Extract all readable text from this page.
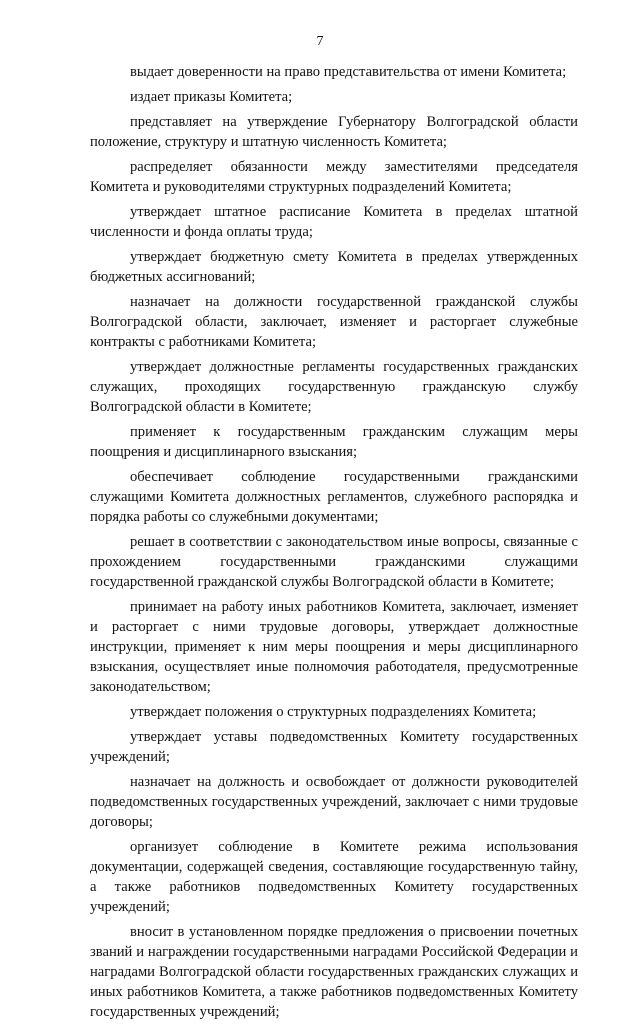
7

выдает доверенности на право представительства от имени Комитета;

издает приказы Комитета;

представляет на утверждение Губернатору Волгоградской области положение, структуру и штатную численность Комитета;

распределяет обязанности между заместителями председателя Комитета и руководителями структурных подразделений Комитета;

утверждает штатное расписание Комитета в пределах штатной численности и фонда оплаты труда;

утверждает бюджетную смету Комитета в пределах утвержденных бюджетных ассигнований;

назначает на должности государственной гражданской службы Волгоградской области, заключает, изменяет и расторгает служебные контракты с работниками Комитета;

утверждает должностные регламенты государственных гражданских служащих, проходящих государственную гражданскую службу Волгоградской области в Комитете;

применяет к государственным гражданским служащим меры поощрения и дисциплинарного взыскания;

обеспечивает соблюдение государственными гражданскими служащими Комитета должностных регламентов, служебного распорядка и порядка работы со служебными документами;

решает в соответствии с законодательством иные вопросы, связанные с прохождением государственными гражданскими служащими государственной гражданской службы Волгоградской области в Комитете;

принимает на работу иных работников Комитета, заключает, изменяет и расторгает с ними трудовые договоры, утверждает должностные инструкции, применяет к ним меры поощрения и меры дисциплинарного взыскания, осуществляет иные полномочия работодателя, предусмотренные законодательством;

утверждает положения о структурных подразделениях Комитета;

утверждает уставы подведомственных Комитету государственных учреждений;

назначает на должность и освобождает от должности руководителей подведомственных государственных учреждений, заключает с ними трудовые договоры;

организует соблюдение в Комитете режима использования документации, содержащей сведения, составляющие государственную тайну, а также работников подведомственных Комитету государственных учреждений;

вносит в установленном порядке предложения о присвоении почетных званий и награждении государственными наградами Российской Федерации и наградами Волгоградской области государственных гражданских служащих и иных работников Комитета, а также работников подведомственных Комитету государственных учреждений;
